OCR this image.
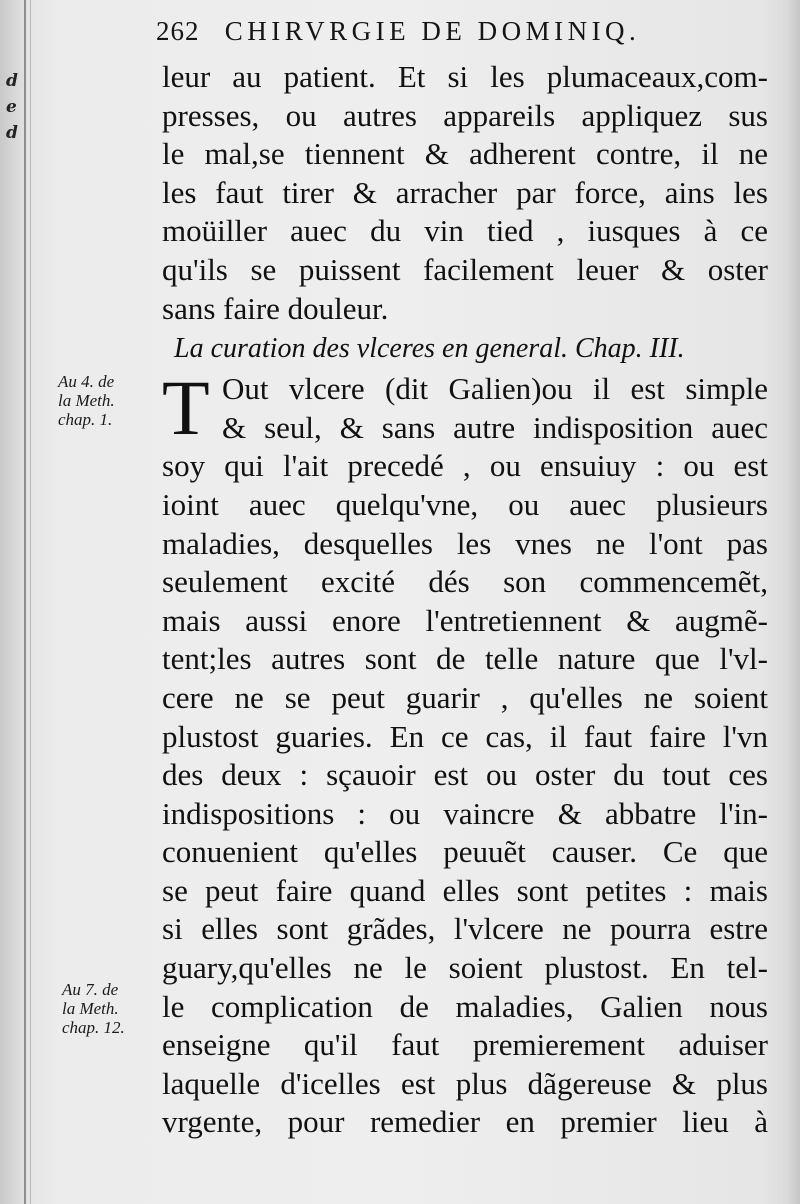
d
e
d
262 CHIRVRGIE DE DOMINIQ.
Au 4. de
la Meth.
chap. 1.
Au 7. de
la Meth.
chap. 12.
leur au patient. Et si les plumaceaux,com-
presses, ou autres appareils appliquez sus
le mal,se tiennent & adherent contre, il ne
les faut tirer & arracher par force, ains les
moüiller auec du vin tied , iusques à ce
qu'ils se puissent facilement leuer & oster
sans faire douleur.
La curation des vlceres en general. Chap. III.
T Out vlcere (dit Galien)ou il est simple
& seul, & sans autre indisposition auec
soy qui l'ait precedé , ou ensuiuy : ou est
ioint auec quelqu'vne, ou auec plusieurs
maladies, desquelles les vnes ne l'ont pas
seulement excité dés son commencemẽt,
mais aussi enore l'entretiennent & augmẽ-
tent;les autres sont de telle nature que l'vl-
cere ne se peut guarir , qu'elles ne soient
plustost guaries. En ce cas, il faut faire l'vn
des deux : sçauoir est ou oster du tout ces
indispositions : ou vaincre & abbatre l'in-
conuenient qu'elles peuuẽt causer. Ce que
se peut faire quand elles sont petites : mais
si elles sont grãdes, l'vlcere ne pourra estre
guary,qu'elles ne le soient plustost. En tel-
le complication de maladies, Galien nous
enseigne qu'il faut premierement aduiser
laquelle d'icelles est plus dãgereuse & plus
vrgente, pour remedier en premier lieu à
